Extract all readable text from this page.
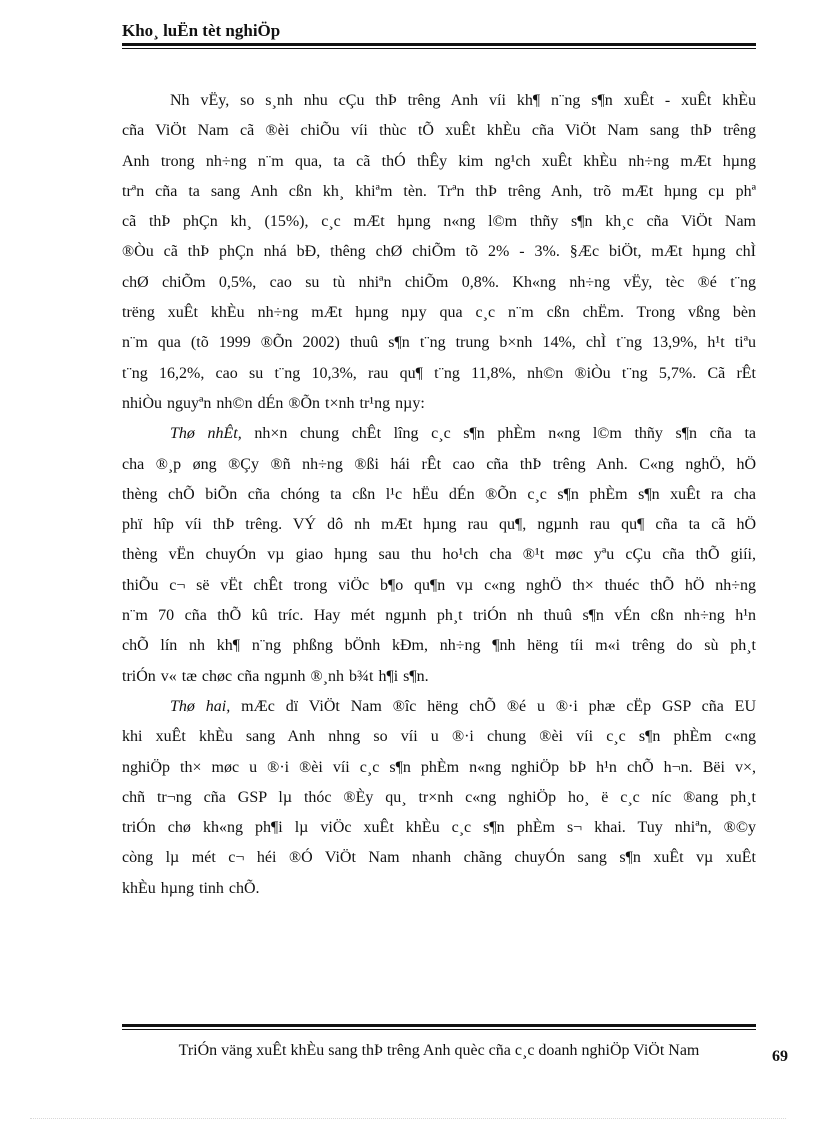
Kho¸ luËn tèt nghiÖp
Nh vËy, so s¸nh nhu cÇu thÞ trêng Anh víi kh¶ n¨ng s¶n xuÊt - xuÊt khÈu
cña ViÖt Nam cã ®èi chiÕu víi thùc tÕ xuÊt khÈu cña ViÖt Nam sang thÞ trêng
Anh trong nh÷ng n¨m qua, ta cã thÓ thÊy kim ng¹ch xuÊt khÈu nh÷ng mÆt hµng
trªn cña ta sang Anh cßn kh¸ khiªm tèn. Trªn thÞ trêng Anh, trõ mÆt hµng cµ phª
cã thÞ phÇn kh¸ (15%), c¸c mÆt hµng n«ng l©m thñy s¶n kh¸c cña ViÖt Nam
®Òu cã thÞ phÇn nhá bÐ, thêng chØ chiÕm tõ 2% - 3%. §Æc biÖt, mÆt hµng chÌ
chØ chiÕm 0,5%, cao su tù nhiªn chiÕm 0,8%. Kh«ng nh÷ng vËy, tèc ®é t¨ng
trëng xuÊt khÈu nh÷ng mÆt hµng nµy qua c¸c n¨m cßn chËm. Trong vßng bèn
n¨m qua (tõ 1999 ®Õn 2002) thuû s¶n t¨ng trung b×nh 14%, chÌ t¨ng 13,9%, h¹t tiªu
t¨ng 16,2%, cao su t¨ng 10,3%, rau qu¶ t¨ng 11,8%, nh©n ®iÒu t¨ng 5,7%. Cã rÊt
nhiÒu nguyªn nh©n dÉn ®Õn t×nh tr¹ng nµy:
Thø nhÊt, nh×n chung chÊt lîng c¸c s¶n phÈm n«ng l©m thñy s¶n cña ta
cha ®¸p øng ®Çy ®ñ nh÷ng ®ßi hái rÊt cao cña thÞ trêng Anh. C«ng nghÖ, hÖ
thèng chÕ biÕn cña chóng ta cßn l¹c hËu dÉn ®Õn c¸c s¶n phÈm s¶n xuÊt ra cha
phï hîp víi thÞ trêng. VÝ dô nh mÆt hµng rau qu¶, ngµnh rau qu¶ cña ta cã hÖ
thèng vËn chuyÓn vµ giao hµng sau thu ho¹ch cha ®¹t møc yªu cÇu cña thÕ giíi,
thiÕu c¬ së vËt chÊt trong viÖc b¶o qu¶n vµ c«ng nghÖ th× thuéc thÕ hÖ nh÷ng
n¨m 70 cña thÕ kû tríc. Hay mét ngµnh ph¸t triÓn nh thuû s¶n vÉn cßn nh÷ng h¹n
chÕ lín nh kh¶ n¨ng phßng bÖnh kÐm, nh÷ng ¶nh hëng tíi m«i trêng do sù ph¸t
triÓn v« tæ chøc cña ngµnh ®¸nh b¾t h¶i s¶n.
Thø hai, mÆc dï ViÖt Nam ®îc hëng chÕ ®é u ®·i phæ cËp GSP cña EU
khi xuÊt khÈu sang Anh nhng so víi u ®·i chung ®èi víi c¸c s¶n phÈm c«ng
nghiÖp th× møc u ®·i ®èi víi c¸c s¶n phÈm n«ng nghiÖp bÞ h¹n chÕ h¬n. Bëi v×,
chñ tr¬ng cña GSP lµ thóc ®Èy qu¸ tr×nh c«ng nghiÖp ho¸ ë c¸c níc ®ang ph¸t
triÓn chø kh«ng ph¶i lµ viÖc xuÊt khÈu c¸c s¶n phÈm s¬ khai. Tuy nhiªn, ®©y
còng lµ mét c¬ héi ®Ó ViÖt Nam nhanh chãng chuyÓn sang s¶n xuÊt vµ xuÊt
khÈu hµng tinh chÕ.
TriÓn väng xuÊt khÈu sang thÞ trêng Anh quèc cña c¸c doanh nghiÖp ViÖt Nam	69
